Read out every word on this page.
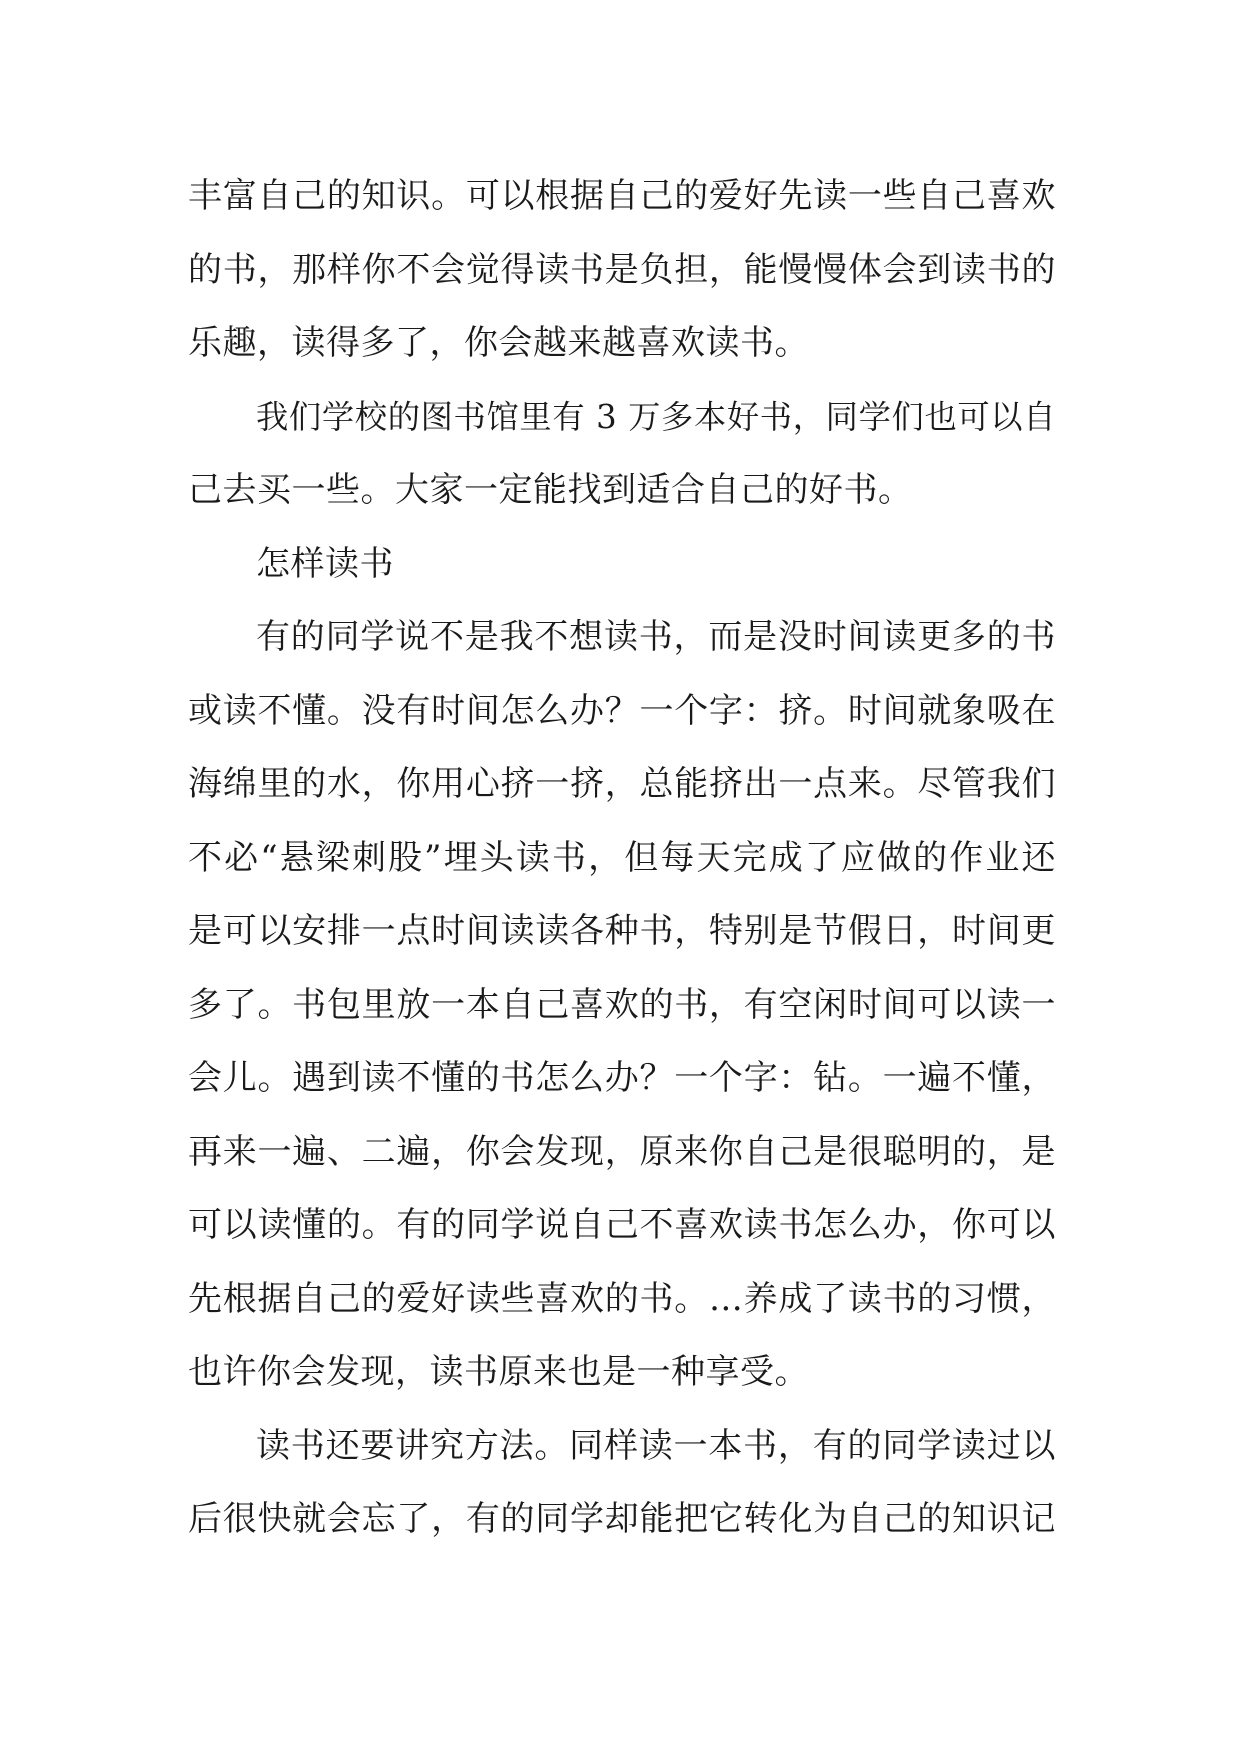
丰富自己的知识。可以根据自己的爱好先读一些自己喜欢
的书，那样你不会觉得读书是负担，能慢慢体会到读书的
乐趣，读得多了，你会越来越喜欢读书。

我们学校的图书馆里有 3 万多本好书，同学们也可以自
己去买一些。大家一定能找到适合自己的好书。

怎样读书

有的同学说不是我不想读书，而是没时间读更多的书
或读不懂。没有时间怎么办？一个字：挤。时间就象吸在
海绵里的水，你用心挤一挤，总能挤出一点来。尽管我们
不必“悬梁刺股”埋头读书，但每天完成了应做的作业还
是可以安排一点时间读读各种书，特别是节假日，时间更
多了。书包里放一本自己喜欢的书，有空闲时间可以读一
会儿。遇到读不懂的书怎么办？一个字：钻。一遍不懂，
再来一遍、二遍，你会发现，原来你自己是很聪明的，是
可以读懂的。有的同学说自己不喜欢读书怎么办，你可以
先根据自己的爱好读些喜欢的书。…养成了读书的习惯，
也许你会发现，读书原来也是一种享受。

读书还要讲究方法。同样读一本书，有的同学读过以
后很快就会忘了，有的同学却能把它转化为自己的知识记
